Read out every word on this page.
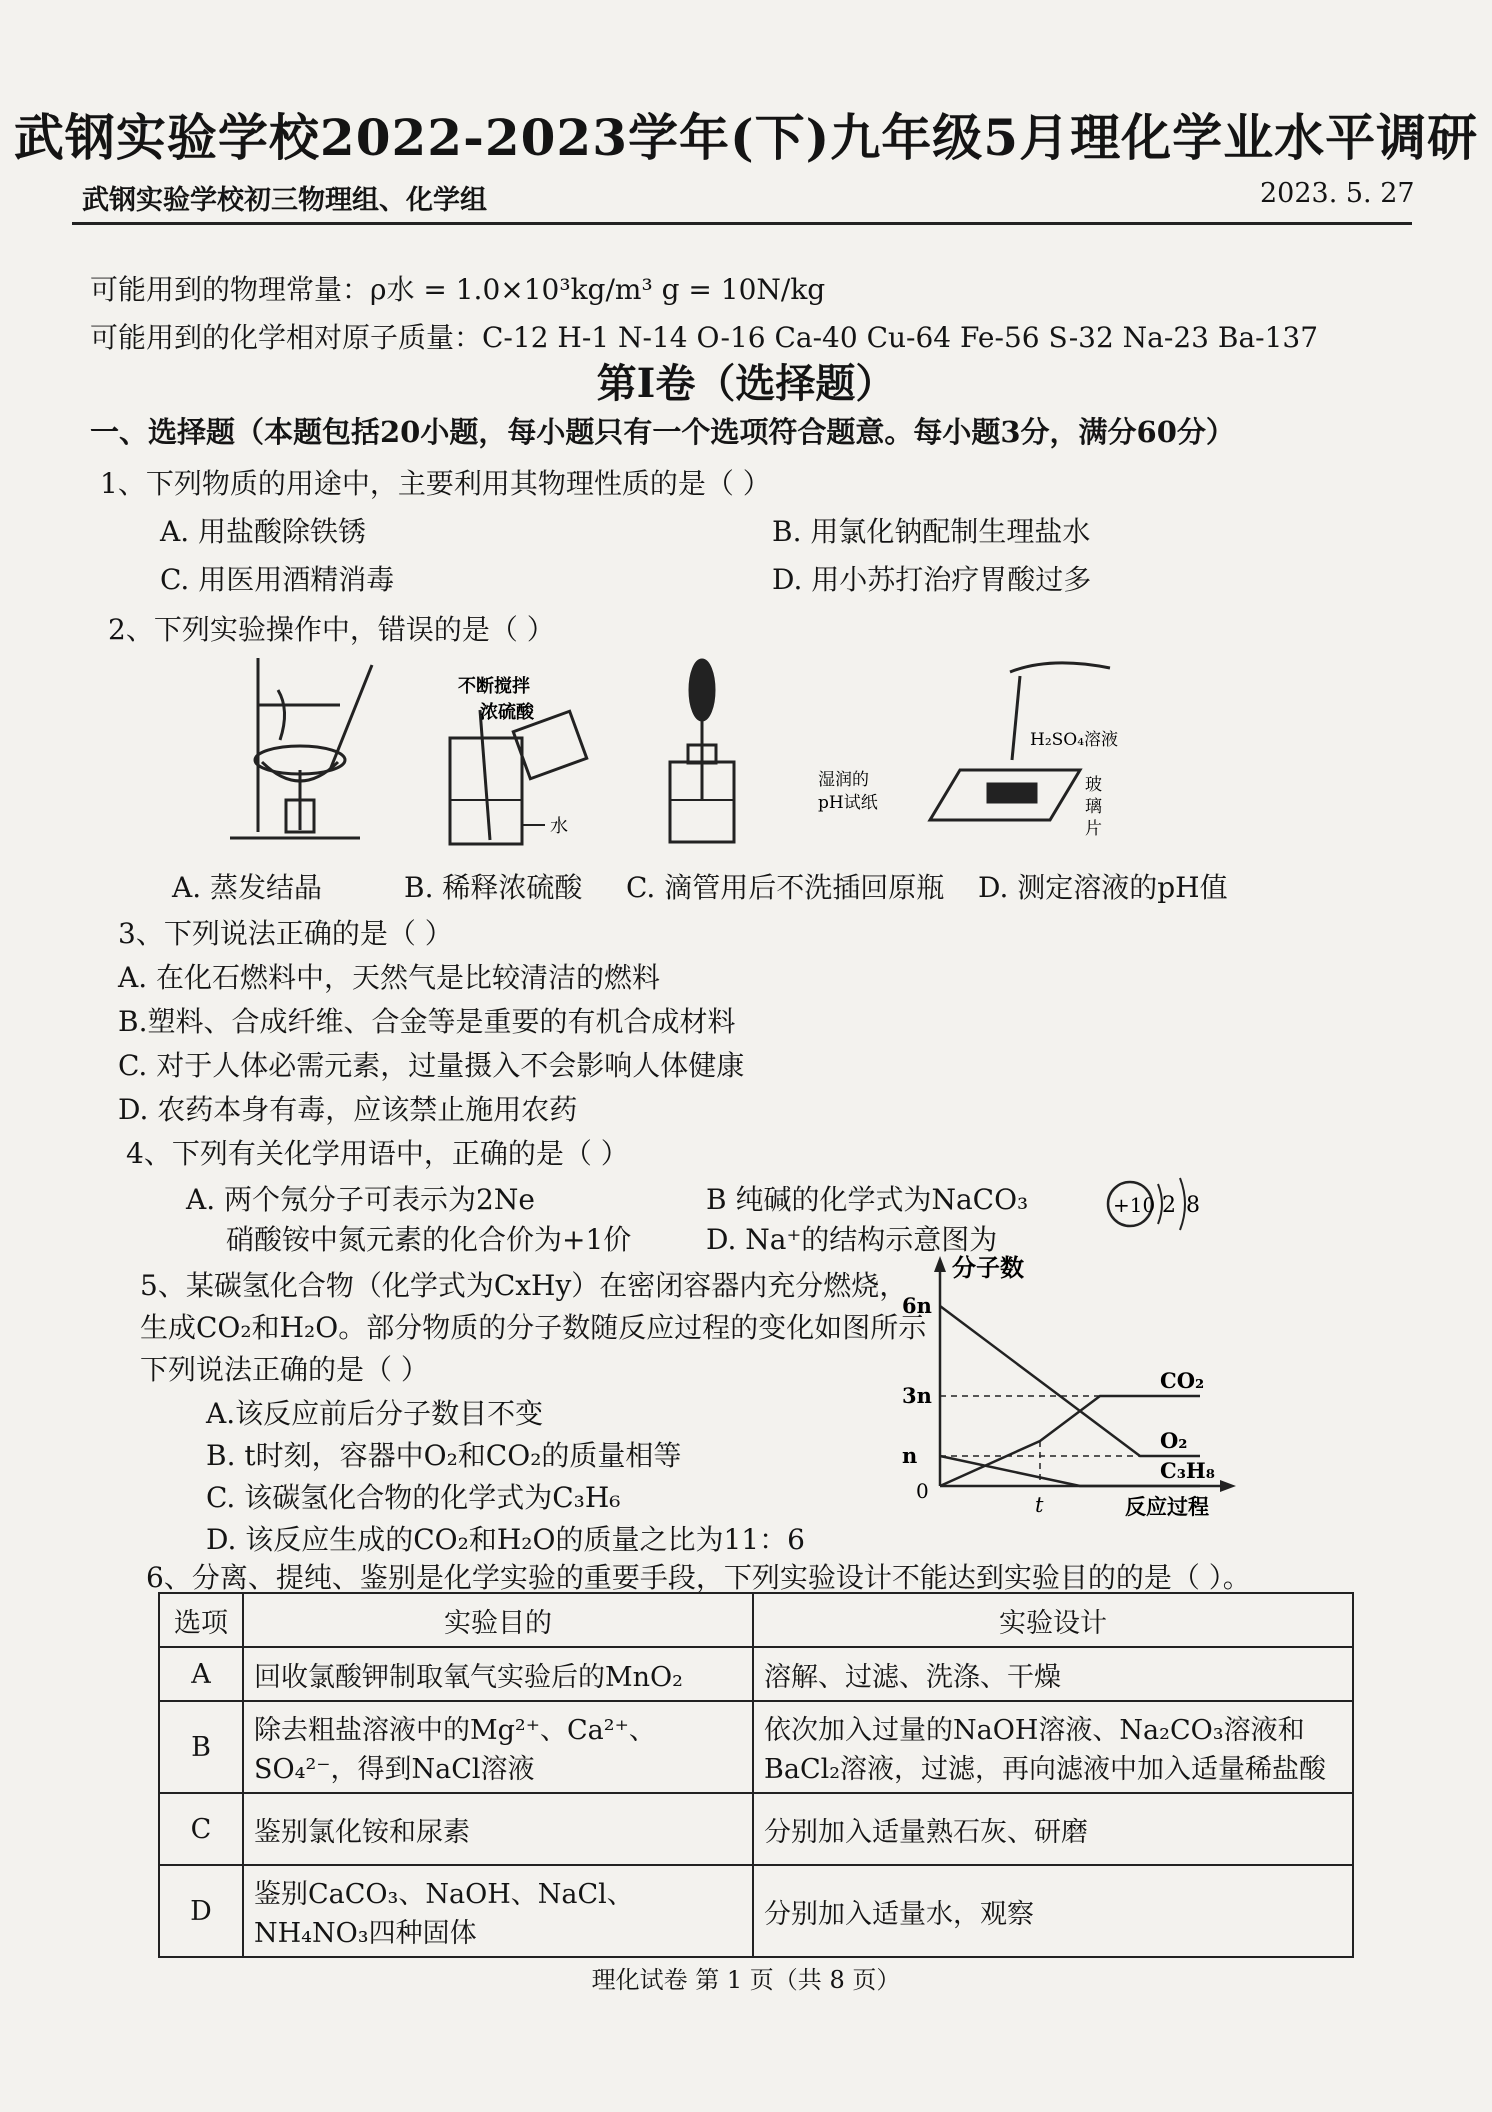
武钢实验学校2022-2023学年(下)九年级5月理化学业水平调研
武钢实验学校初三物理组、化学组	2023. 5. 27
可能用到的物理常量：ρ水 = 1.0×10³kg/m³ g = 10N/kg
可能用到的化学相对原子质量：C-12 H-1 N-14 O-16 Ca-40 Cu-64 Fe-56 S-32 Na-23 Ba-137
第I卷（选择题）
一、选择题（本题包括20小题，每小题只有一个选项符合题意。每小题3分，满分60分）
1、下列物质的用途中，主要利用其物理性质的是（ ）
A. 用盐酸除铁锈	B. 用氯化钠配制生理盐水
C. 用医用酒精消毒	D. 用小苏打治疗胃酸过多
2、下列实验操作中，错误的是（ ）
不断搅拌
浓硫酸
水
H₂SO₄溶液
湿润的
pH试纸
玻
璃
片
A. 蒸发结晶	B. 稀释浓硫酸 C. 滴管用后不洗插回原瓶 D. 测定溶液的pH值
3、下列说法正确的是（ ）
A. 在化石燃料中，天然气是比较清洁的燃料
B.塑料、合成纤维、合金等是重要的有机合成材料
C. 对于人体必需元素，过量摄入不会影响人体健康
D. 农药本身有毒，应该禁止施用农药
4、下列有关化学用语中，正确的是（ ）
A. 两个氖分子可表示为2Ne	B 纯碱的化学式为NaCO₃
硝酸铵中氮元素的化合价为+1价	D. Na⁺的结构示意图为
+10 2 8
5、某碳氢化合物（化学式为CxHy）在密闭容器内充分燃烧，
生成CO₂和H₂O。部分物质的分子数随反应过程的变化如图所示
下列说法正确的是（ ）
A.该反应前后分子数目不变
B. t时刻，容器中O₂和CO₂的质量相等
C. 该碳氢化合物的化学式为C₃H₆
D. 该反应生成的CO₂和H₂O的质量之比为11：6
分子数
反应过程
0
n
3n
6n
t
CO₂
O₂
C₃H₈
6、分离、提纯、鉴别是化学实验的重要手段，下列实验设计不能达到实验目的的是（ ）。
选项	实验目的	实验设计
A	回收氯酸钾制取氧气实验后的MnO₂	溶解、过滤、洗涤、干燥
B	除去粗盐溶液中的Mg²⁺、Ca²⁺、SO₄²⁻，得到NaCl溶液	依次加入过量的NaOH溶液、Na₂CO₃溶液和BaCl₂溶液，过滤，再向滤液中加入适量稀盐酸
C	鉴别氯化铵和尿素	分别加入适量熟石灰、研磨
D	鉴别CaCO₃、NaOH、NaCl、NH₄NO₃四种固体	分别加入适量水，观察
理化试卷 第 1 页（共 8 页）
